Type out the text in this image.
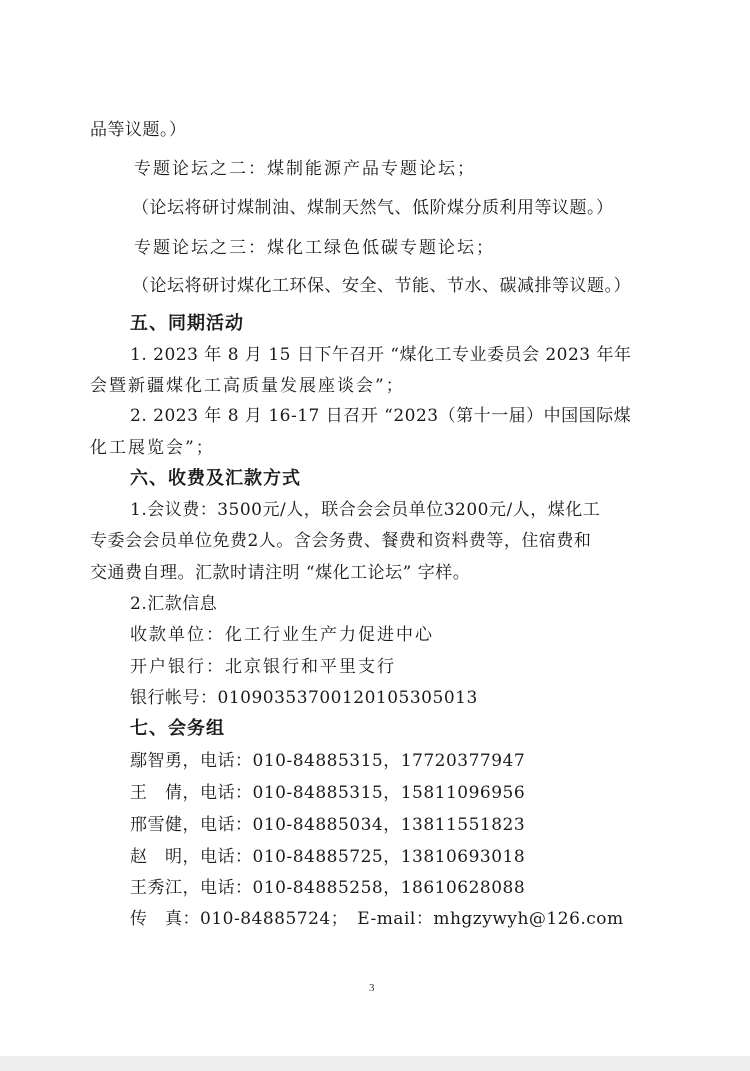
品等议题。）
专题论坛之二：煤制能源产品专题论坛；
（论坛将研讨煤制油、煤制天然气、低阶煤分质利用等议题。）
专题论坛之三：煤化工绿色低碳专题论坛；
（论坛将研讨煤化工环保、安全、节能、节水、碳减排等议题。）
五、同期活动
1. 2023 年 8 月 15 日下午召开 “煤化工专业委员会 2023 年年
会暨新疆煤化工高质量发展座谈会”；
2. 2023 年 8 月 16-17 日召开 “2023（第十一届）中国国际煤
化工展览会”；
六、收费及汇款方式
1.会议费：3500元/人，联合会会员单位3200元/人，煤化工
专委会会员单位免费2人。含会务费、餐费和资料费等，住宿费和
交通费自理。汇款时请注明 “煤化工论坛” 字样。
2.汇款信息
收款单位：化工行业生产力促进中心
开户银行：北京银行和平里支行
银行帐号：01090353700120105305013
七、会务组
鄢智勇，电话：010-84885315，17720377947
王　倩，电话：010-84885315，15811096956
邢雪健，电话：010-84885034，13811551823
赵　明，电话：010-84885725，13810693018
王秀江，电话：010-84885258，18610628088
传　真：010-84885724；　E-mail：mhgzywyh@126.com
3
